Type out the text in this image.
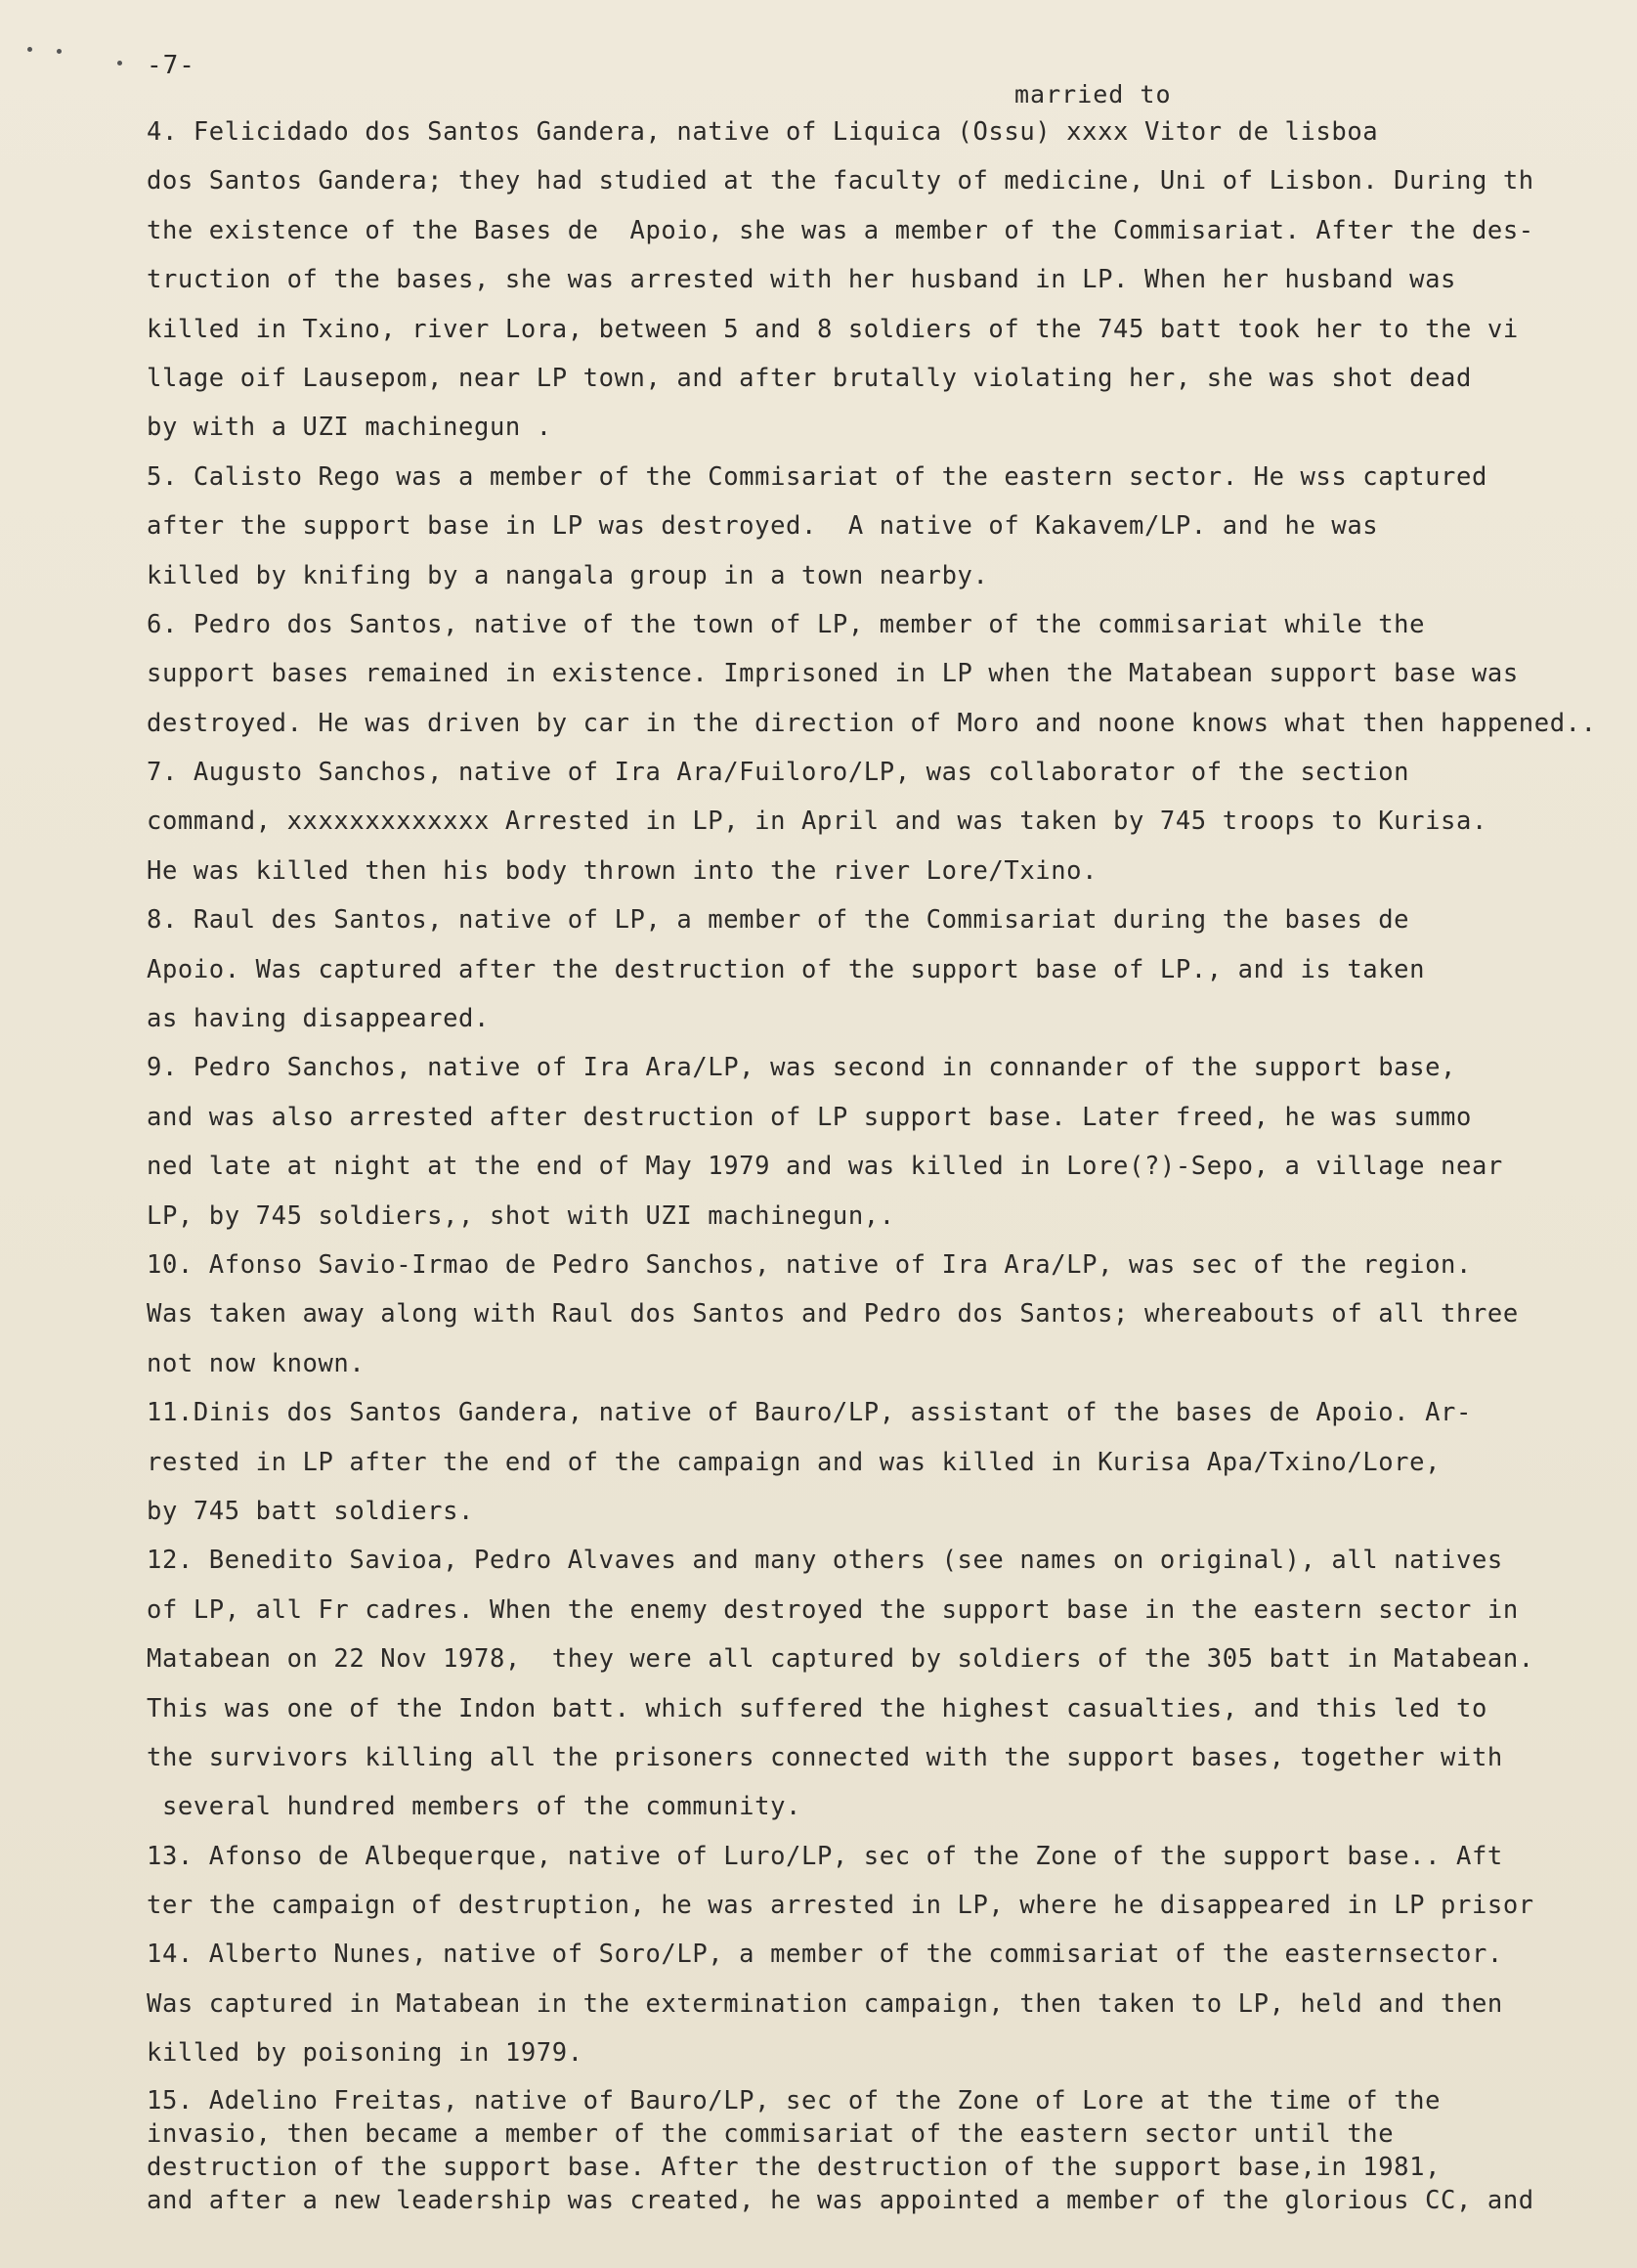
-7-
married to
4. Felicidado dos Santos Gandera, native of Liquica (Ossu) xxxx Vitor de lisboa
dos Santos Gandera; they had studied at the faculty of medicine, Uni of Lisbon. During th
the existence of the Bases de  Apoio, she was a member of the Commisariat. After the des-
truction of the bases, she was arrested with her husband in LP. When her husband was
killed in Txino, river Lora, between 5 and 8 soldiers of the 745 batt took her to the vi
llage oif Lausepom, near LP town, and after brutally violating her, she was shot dead
by with a UZI machinegun .
5. Calisto Rego was a member of the Commisariat of the eastern sector. He wss captured
after the support base in LP was destroyed.  A native of Kakavem/LP. and he was
killed by knifing by a nangala group in a town nearby.
6. Pedro dos Santos, native of the town of LP, member of the commisariat while the
support bases remained in existence. Imprisoned in LP when the Matabean support base was
destroyed. He was driven by car in the direction of Moro and noone knows what then happened..
7. Augusto Sanchos, native of Ira Ara/Fuiloro/LP, was collaborator of the section
command, xxxxxxxxxxxxx Arrested in LP, in April and was taken by 745 troops to Kurisa.
He was killed then his body thrown into the river Lore/Txino.
8. Raul des Santos, native of LP, a member of the Commisariat during the bases de
Apoio. Was captured after the destruction of the support base of LP., and is taken
as having disappeared.
9. Pedro Sanchos, native of Ira Ara/LP, was second in connander of the support base,
and was also arrested after destruction of LP support base. Later freed, he was summo
ned late at night at the end of May 1979 and was killed in Lore(?)-Sepo, a village near
LP, by 745 soldiers,, shot with UZI machinegun,.
10. Afonso Savio-Irmao de Pedro Sanchos, native of Ira Ara/LP, was sec of the region.
Was taken away along with Raul dos Santos and Pedro dos Santos; whereabouts of all three
not now known.
11.Dinis dos Santos Gandera, native of Bauro/LP, assistant of the bases de Apoio. Ar-
rested in LP after the end of the campaign and was killed in Kurisa Apa/Txino/Lore,
by 745 batt soldiers.
12. Benedito Savioa, Pedro Alvaves and many others (see names on original), all natives
of LP, all Fr cadres. When the enemy destroyed the support base in the eastern sector in
Matabean on 22 Nov 1978,  they were all captured by soldiers of the 305 batt in Matabean.
This was one of the Indon batt. which suffered the highest casualties, and this led to
the survivors killing all the prisoners connected with the support bases, together with
several hundred members of the community.
13. Afonso de Albequerque, native of Luro/LP, sec of the Zone of the support base.. Aft
ter the campaign of destruption, he was arrested in LP, where he disappeared in LP prisor
14. Alberto Nunes, native of Soro/LP, a member of the commisariat of the easternsector.
Was captured in Matabean in the extermination campaign, then taken to LP, held and then
killed by poisoning in 1979.
15. Adelino Freitas, native of Bauro/LP, sec of the Zone of Lore at the time of the
invasio, then became a member of the commisariat of the eastern sector until the
destruction of the support base. After the destruction of the support base,in 1981,
and after a new leadership was created, he was appointed a member of the glorious CC, and
